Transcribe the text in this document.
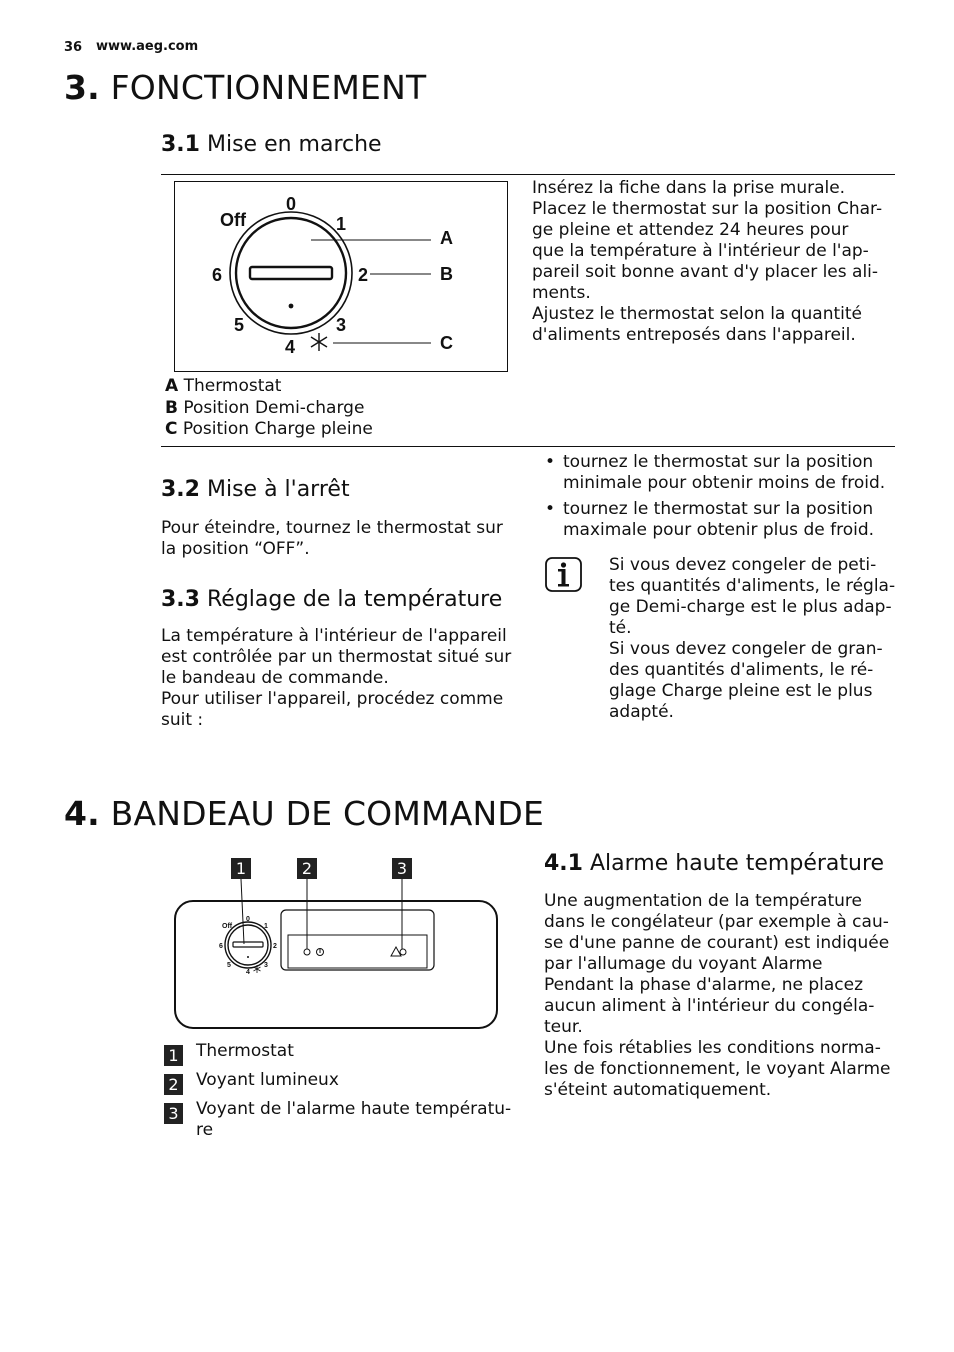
36 www.aeg.com
3. FONCTIONNEMENT
3.1 Mise en marche
Off
0
1
2
3
4
5
6
A
B
C
A Thermostat
B Position Demi-charge
C Position Charge pleine

Insérez la fiche dans la prise murale.

Placez le thermostat sur la position Char-

ge pleine et attendez 24 heures pour

que la température à l'intérieur de l'ap-

pareil soit bonne avant d'y placer les ali-

ments.

Ajustez le thermostat selon la quantité

d'aliments entreposés dans l'appareil.

3.2 Mise à l'arrêt

Pour éteindre, tournez le thermostat sur

la position “OFF”.

3.3 Réglage de la température

La température à l'intérieur de l'appareil

est contrôlée par un thermostat situé sur

le bandeau de commande.

Pour utiliser l'appareil, procédez comme

suit :

• tournez le thermostat sur la position
minimale pour obtenir moins de froid.
• tournez le thermostat sur la position
maximale pour obtenir plus de froid.

Si vous devez congeler de peti-

tes quantités d'aliments, le régla-

ge Demi-charge est le plus adap-

té.

Si vous devez congeler de gran-

des quantités d'aliments, le ré-

glage Charge pleine est le plus

adapté.

4. BANDEAU DE COMMANDE
1	2	3
Off
0
1
2
3
4
5
6
1 Thermostat
2 Voyant lumineux
3 Voyant de l'alarme haute températu-
re
4.1 Alarme haute température

Une augmentation de la température

dans le congélateur (par exemple à cau-

se d'une panne de courant) est indiquée

par l'allumage du voyant Alarme

Pendant la phase d'alarme, ne placez

aucun aliment à l'intérieur du congéla-

teur.

Une fois rétablies les conditions norma-

les de fonctionnement, le voyant Alarme

s'éteint automatiquement.
